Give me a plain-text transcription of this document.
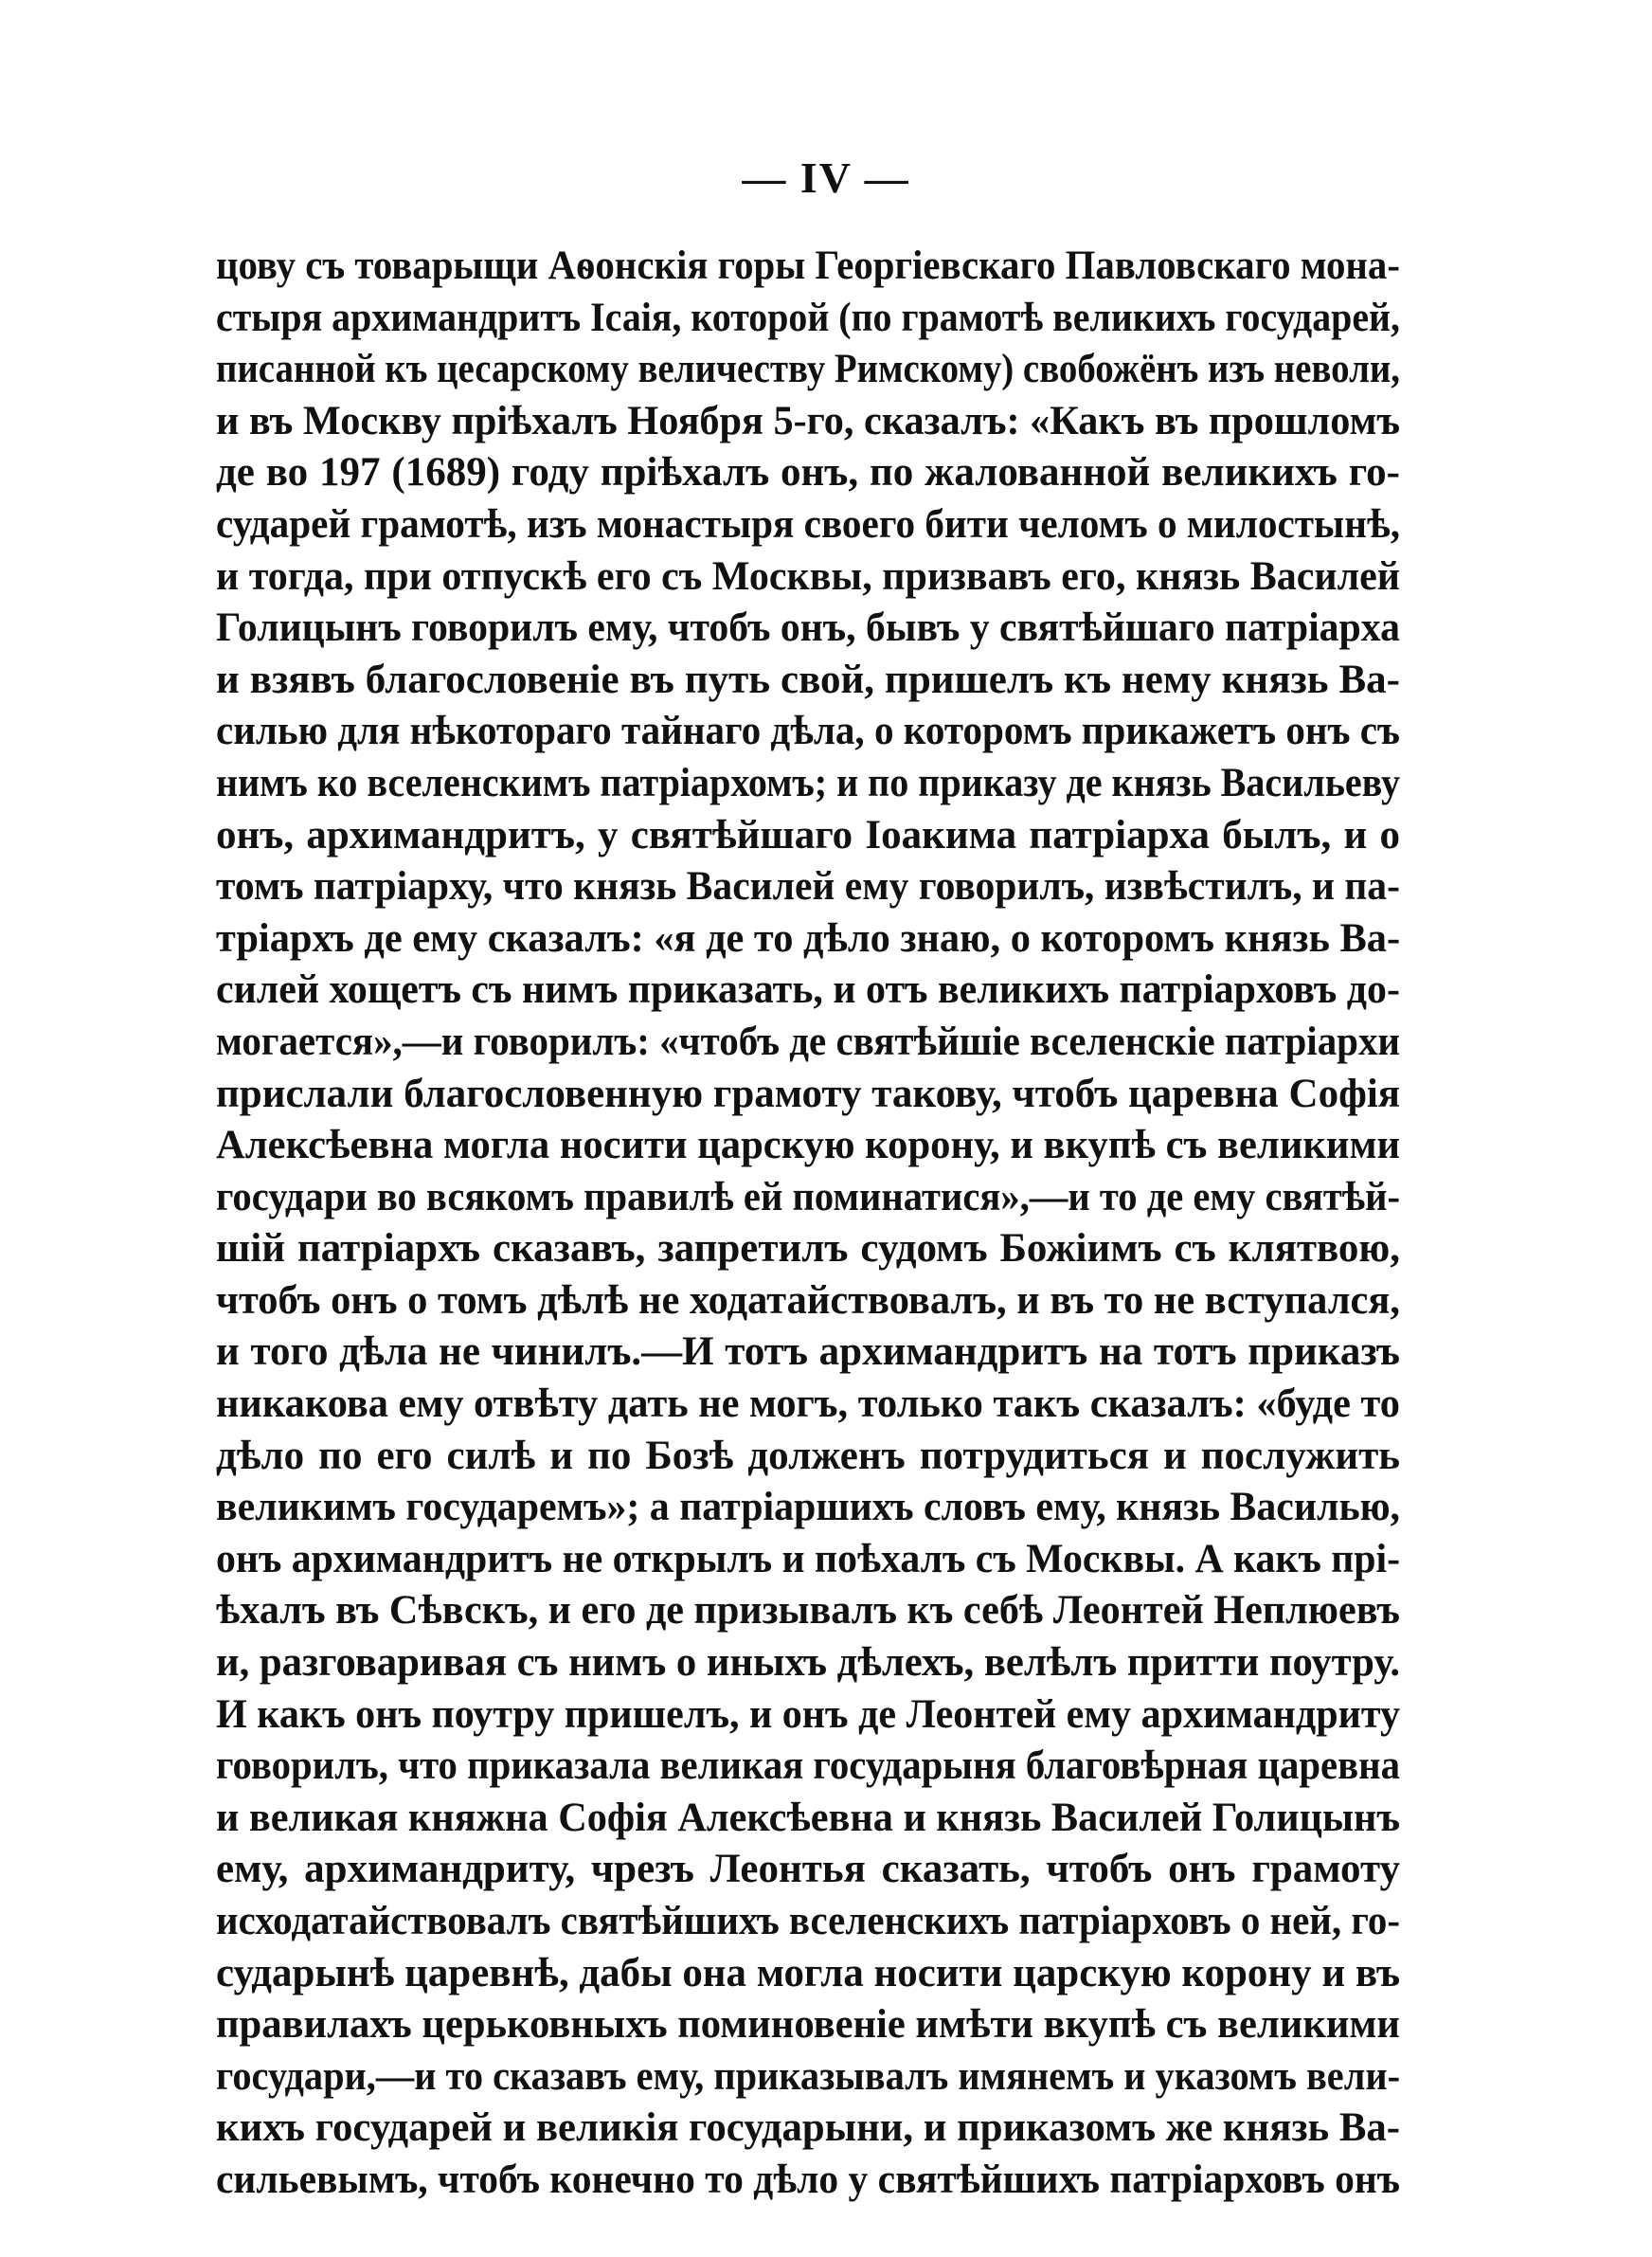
— IV —
цову съ товарыщи Аѳонскія горы Георгіевскаго Павловскаго мона-
стыря архимандритъ Ісаія, которой (по грамотѣ великихъ государей,
писанной къ цесарскому величеству Римскому) свобожёнъ изъ неволи,
и въ Москву пріѣхалъ Ноября 5-го, сказалъ: «Какъ въ прошломъ
де во 197 (1689) году пріѣхалъ онъ, по жалованной великихъ го-
сударей грамотѣ, изъ монастыря своего бити челомъ о милостынѣ,
и тогда, при отпускѣ его съ Москвы, призвавъ его, князь Василей
Голицынъ говорилъ ему, чтобъ онъ, бывъ у святѣйшаго патріарха
и взявъ благословеніе въ путь свой, пришелъ къ нему князь Ва-
силью для нѣкотораго тайнаго дѣла, о которомъ прикажетъ онъ съ
нимъ ко вселенскимъ патріархомъ; и по приказу де князь Васильеву
онъ, архимандритъ, у святѣйшаго Іоакима патріарха былъ, и о
томъ патріарху, что князь Василей ему говорилъ, извѣстилъ, и па-
тріархъ де ему сказалъ: «я де то дѣло знаю, о которомъ князь Ва-
силей хощетъ съ нимъ приказать, и отъ великихъ патріарховъ до-
могается»,—и говорилъ: «чтобъ де святѣйшіе вселенскіе патріархи
прислали благословенную грамоту такову, чтобъ царевна Софія
Алексѣевна могла носити царскую корону, и вкупѣ съ великими
государи во всякомъ правилѣ ей поминатися»,—и то де ему святѣй-
шій патріархъ сказавъ, запретилъ судомъ Божіимъ съ клятвою,
чтобъ онъ о томъ дѣлѣ не ходатайствовалъ, и въ то не вступался,
и того дѣла не чинилъ.—И тотъ архимандритъ на тотъ приказъ
никакова ему отвѣту дать не могъ, только такъ сказалъ: «буде то
дѣло по его силѣ и по Бозѣ долженъ потрудиться и послужить
великимъ государемъ»; а патріаршихъ словъ ему, князь Василью,
онъ архимандритъ не открылъ и поѣхалъ съ Москвы. А какъ прі-
ѣхалъ въ Сѣвскъ, и его де призывалъ къ себѣ Леонтей Неплюевъ
и, разговаривая съ нимъ о иныхъ дѣлехъ, велѣлъ притти поутру.
И какъ онъ поутру пришелъ, и онъ де Леонтей ему архимандриту
говорилъ, что приказала великая государыня благовѣрная царевна
и великая княжна Софія Алексѣевна и князь Василей Голицынъ
ему, архимандриту, чрезъ Леонтья сказать, чтобъ онъ грамоту
исходатайствовалъ святѣйшихъ вселенскихъ патріарховъ о ней, го-
сударынѣ царевнѣ, дабы она могла носити царскую корону и въ
правилахъ церьковныхъ поминовеніе имѣти вкупѣ съ великими
государи,—и то сказавъ ему, приказывалъ имянемъ и указомъ вели-
кихъ государей и великія государыни, и приказомъ же князь Ва-
сильевымъ, чтобъ конечно то дѣло у святѣйшихъ патріарховъ онъ
